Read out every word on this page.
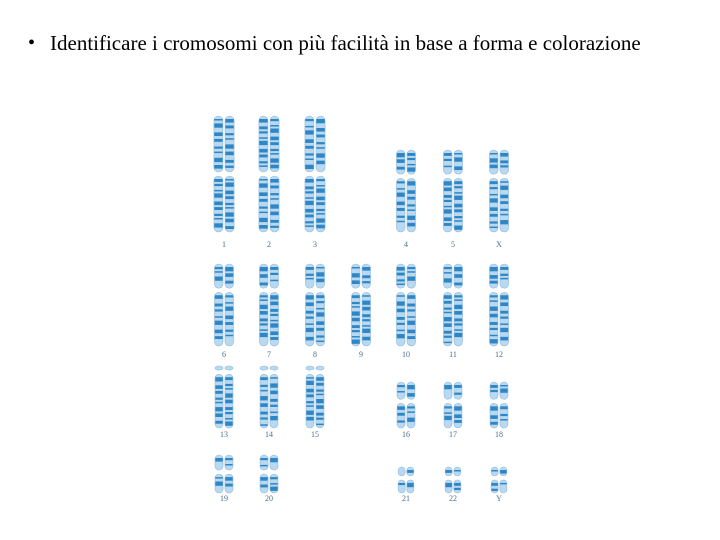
• Identificare i cromosomi con più facilità in base a forma e colorazione
1	2	3	4	5	X
6	7	8	9	10	11	12
13	14	15	16	17	18
19	20	21	22	Y
